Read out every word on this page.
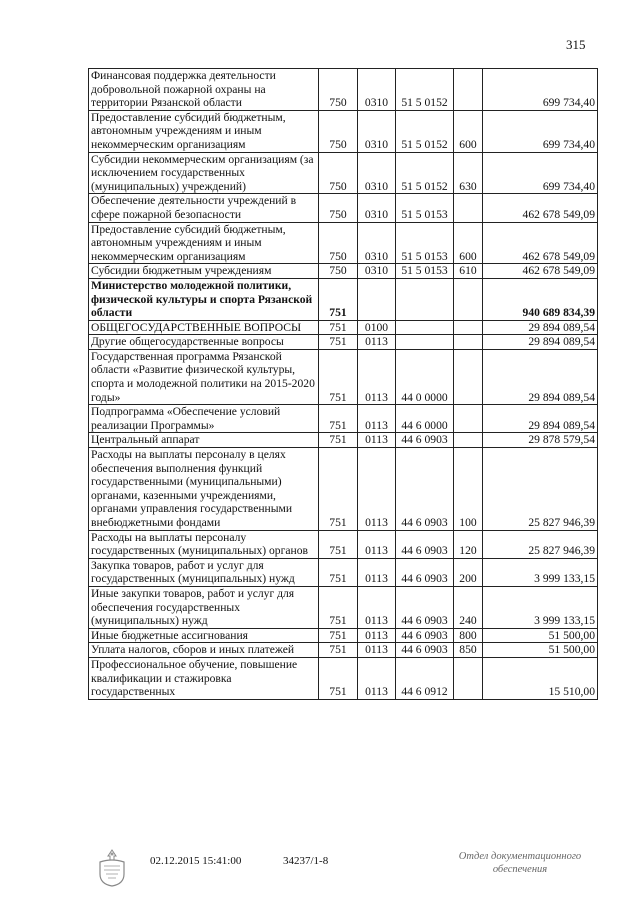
315
Финансовая поддержка деятельности добровольной пожарной охраны на территории Рязанской области	750	0310	51 5 0152		699 734,40
Предоставление субсидий бюджетным, автономным учреждениям и иным некоммерческим организациям	750	0310	51 5 0152	600	699 734,40
Субсидии некоммерческим организациям (за исключением государственных (муниципальных) учреждений)	750	0310	51 5 0152	630	699 734,40
Обеспечение деятельности учреждений в сфере пожарной безопасности	750	0310	51 5 0153		462 678 549,09
Предоставление субсидий бюджетным, автономным учреждениям и иным некоммерческим организациям	750	0310	51 5 0153	600	462 678 549,09
Субсидии бюджетным учреждениям	750	0310	51 5 0153	610	462 678 549,09
Министерство молодежной политики, физической культуры и спорта Рязанской области	751				940 689 834,39
ОБЩЕГОСУДАРСТВЕННЫЕ ВОПРОСЫ	751	0100			29 894 089,54
Другие общегосударственные вопросы	751	0113			29 894 089,54
Государственная программа Рязанской области «Развитие физической культуры, спорта и молодежной политики на 2015-2020 годы»	751	0113	44 0 0000		29 894 089,54
Подпрограмма «Обеспечение условий реализации Программы»	751	0113	44 6 0000		29 894 089,54
Центральный аппарат	751	0113	44 6 0903		29 878 579,54
Расходы на выплаты персоналу в целях обеспечения выполнения функций государственными (муниципальными) органами, казенными учреждениями, органами управления государственными внебюджетными фондами	751	0113	44 6 0903	100	25 827 946,39
Расходы на выплаты персоналу государственных (муниципальных) органов	751	0113	44 6 0903	120	25 827 946,39
Закупка товаров, работ и услуг для государственных (муниципальных) нужд	751	0113	44 6 0903	200	3 999 133,15
Иные закупки товаров, работ и услуг для обеспечения государственных (муниципальных) нужд	751	0113	44 6 0903	240	3 999 133,15
Иные бюджетные ассигнования	751	0113	44 6 0903	800	51 500,00
Уплата налогов, сборов и иных платежей	751	0113	44 6 0903	850	51 500,00
Профессиональное обучение, повышение квалификации и стажировка государственных	751	0113	44 6 0912		15 510,00
02.12.2015 15:41:00	34237/1-8	Отдел документационного
обеспечения
